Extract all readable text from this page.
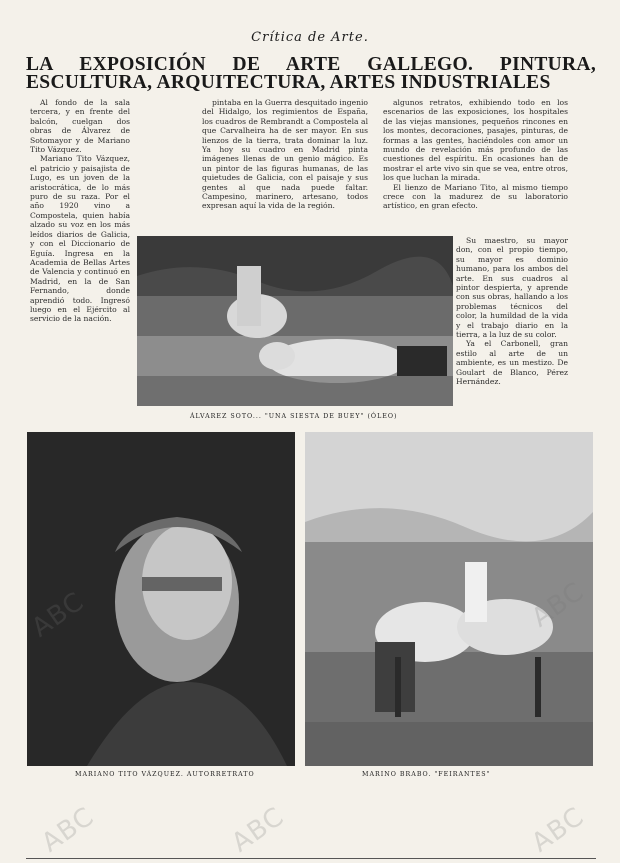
Crítica de Arte.
LA EXPOSICIÓN DE ARTE GALLEGO. PINTURA, ESCULTURA, ARQUITECTURA, ARTES INDUSTRIALES

Al fondo de la sala tercera, y en frente del balcón, cuelgan dos obras de Álvarez de Sotomayor y de Mariano Tito Vázquez.

Mariano Tito Vázquez, el patricio y paisajista de Lugo, es un joven de la aristocrática, de lo más puro de su raza. Por el año 1920 vino a Compostela, quien había alzado su voz en los más leídos diarios de Galicia, y con el Diccionario de Eguía. Ingresa en la Academia de Bellas Artes de Valencia y continuó en Madrid, en la de San Fernando, donde aprendió todo. Ingresó luego en el Ejército al servicio de la nación.

pintaba en la Guerra desquitado ingenio del Hidalgo, los regimientos de España, los cuadros de Rembrandt a Compostela al que Carvalheira ha de ser mayor. En sus lienzos de la tierra, trata dominar la luz. Ya hoy su cuadro en Madrid pinta imágenes llenas de un genio mágico. Es un pintor de las figuras humanas, de las quietudes de Galicia, con el paisaje y sus gentes al que nada puede faltar. Campesino, marinero, artesano, todos expresan aquí la vida de la región.

algunos retratos, exhibiendo todo en los escenarios de las exposiciones, los hospitales de las viejas mansiones, pequeños rincones en los montes, decoraciones, pasajes, pinturas, de formas a las gentes, haciéndoles con amor un mundo de revelación más profundo de las cuestiones del espíritu. En ocasiones han de mostrar el arte vivo sin que se vea, entre otros, los que luchan la mirada.

El lienzo de Mariano Tito, al mismo tiempo crece con la madurez de su laboratorio artístico, en gran efecto.

Su maestro, su mayor don, con el propio tiempo, su mayor es dominio humano, para los ambos del arte. En sus cuadros al pintor despierta, y aprende con sus obras, hallando a los problemas técnicos del color, la humildad de la vida y el trabajo diario en la tierra, a la luz de su color.

Ya el Carbonell, gran estilo al arte de un ambiente, es un mestizo. De Goulart de Blanco, Pérez Hernández.

ÁLVAREZ SOTO... "UNA SIESTA DE BUEY" (ÓLEO)
MARIANO TITO VÁZQUEZ. AUTORRETRATO	MARINO BRABO. "FEIRANTES"
ABC	ABC
ABC	ABC	ABC
